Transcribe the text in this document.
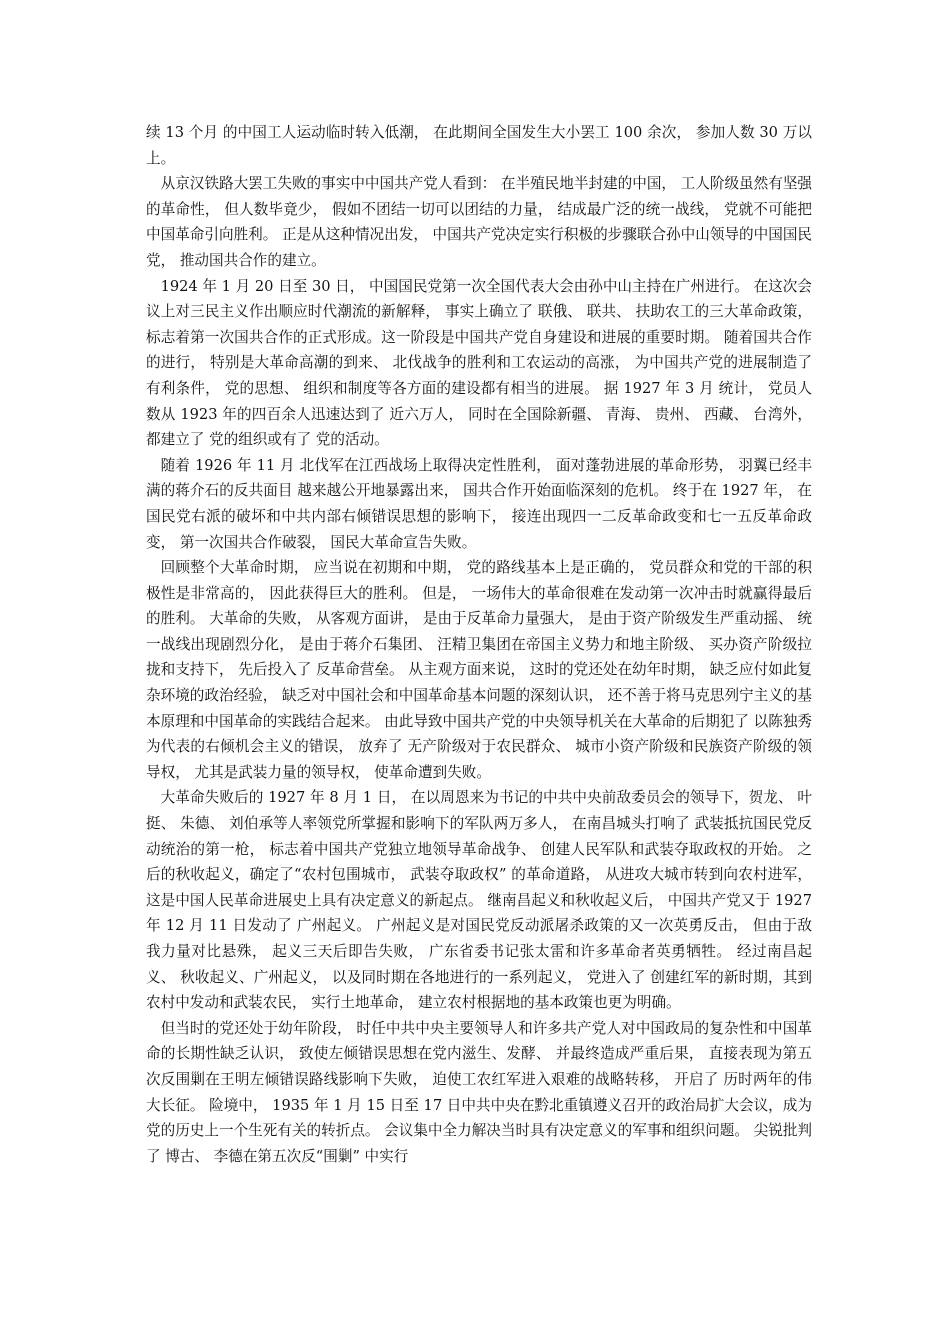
续 13 个月 的中国工人运动临时转入低潮， 在此期间全国发生大小罢工 100 余次， 参加人数 30 万以上。

从京汉铁路大罢工失败的事实中中国共产党人看到： 在半殖民地半封建的中国， 工人阶级虽然有坚强的革命性， 但人数毕竟少， 假如不团结一切可以团结的力量， 结成最广泛的统一战线， 党就不可能把中国革命引向胜利。 正是从这种情况出发， 中国共产党决定实行积极的步骤联合孙中山领导的中国国民党， 推动国共合作的建立。

1924 年 1 月 20 日至 30 日， 中国国民党第一次全国代表大会由孙中山主持在广州进行。 在这次会议上对三民主义作出顺应时代潮流的新解释， 事实上确立了 联俄、 联共、 扶助农工的三大革命政策， 标志着第一次国共合作的正式形成。这一阶段是中国共产党自身建设和进展的重要时期。 随着国共合作的进行， 特别是大革命高潮的到来、 北伐战争的胜利和工农运动的高涨， 为中国共产党的进展制造了 有利条件， 党的思想、 组织和制度等各方面的建设都有相当的进展。 据 1927 年 3 月 统计， 党员人数从 1923 年的四百余人迅速达到了 近六万人， 同时在全国除新疆、 青海、 贵州、 西藏、 台湾外， 都建立了 党的组织或有了 党的活动。

随着 1926 年 11 月 北伐军在江西战场上取得决定性胜利， 面对蓬勃进展的革命形势， 羽翼已经丰满的蒋介石的反共面目 越来越公开地暴露出来， 国共合作开始面临深刻的危机。 终于在 1927 年， 在国民党右派的破坏和中共内部右倾错误思想的影响下， 接连出现四一二反革命政变和七一五反革命政变， 第一次国共合作破裂， 国民大革命宣告失败。

回顾整个大革命时期， 应当说在初期和中期， 党的路线基本上是正确的， 党员群众和党的干部的积极性是非常高的， 因此获得巨大的胜利。 但是， 一场伟大的革命很难在发动第一次冲击时就赢得最后的胜利。 大革命的失败， 从客观方面讲， 是由于反革命力量强大， 是由于资产阶级发生严重动摇、 统一战线出现剧烈分化， 是由于蒋介石集团、 汪精卫集团在帝国主义势力和地主阶级、 买办资产阶级拉拢和支持下， 先后投入了 反革命营垒。 从主观方面来说， 这时的党还处在幼年时期， 缺乏应付如此复杂环境的政治经验， 缺乏对中国社会和中国革命基本问题的深刻认识， 还不善于将马克思列宁主义的基本原理和中国革命的实践结合起来。 由此导致中国共产党的中央领导机关在大革命的后期犯了 以陈独秀为代表的右倾机会主义的错误， 放弃了 无产阶级对于农民群众、 城市小资产阶级和民族资产阶级的领导权， 尤其是武装力量的领导权， 使革命遭到失败。

大革命失败后的 1927 年 8 月 1 日， 在以周恩来为书记的中共中央前敌委员会的领导下，贺龙、 叶挺、 朱德、 刘伯承等人率领党所掌握和影响下的军队两万多人， 在南昌城头打响了 武装抵抗国民党反动统治的第一枪， 标志着中国共产党独立地领导革命战争、 创建人民军队和武装夺取政权的开始。 之后的秋收起义，确定了“农村包围城市， 武装夺取政权” 的革命道路， 从进攻大城市转到向农村进军， 这是中国人民革命进展史上具有决定意义的新起点。 继南昌起义和秋收起义后， 中国共产党又于 1927 年 12 月 11 日发动了 广州起义。 广州起义是对国民党反动派屠杀政策的又一次英勇反击， 但由于敌我力量对比悬殊， 起义三天后即告失败， 广东省委书记张太雷和许多革命者英勇牺牲。 经过南昌起义、 秋收起义、广州起义， 以及同时期在各地进行的一系列起义， 党进入了 创建红军的新时期，其到农村中发动和武装农民， 实行土地革命， 建立农村根据地的基本政策也更为明确。

但当时的党还处于幼年阶段， 时任中共中央主要领导人和许多共产党人对中国政局的复杂性和中国革命的长期性缺乏认识， 致使左倾错误思想在党内滋生、发酵、 并最终造成严重后果， 直接表现为第五次反围剿在王明左倾错误路线影响下失败， 迫使工农红军进入艰难的战略转移， 开启了 历时两年的伟大长征。 险境中， 1935 年 1 月 15 日至 17 日中共中央在黔北重镇遵义召开的政治局扩大会议，成为党的历史上一个生死有关的转折点。 会议集中全力解决当时具有决定意义的军事和组织问题。 尖锐批判了 博古、 李德在第五次反“围剿” 中实行
